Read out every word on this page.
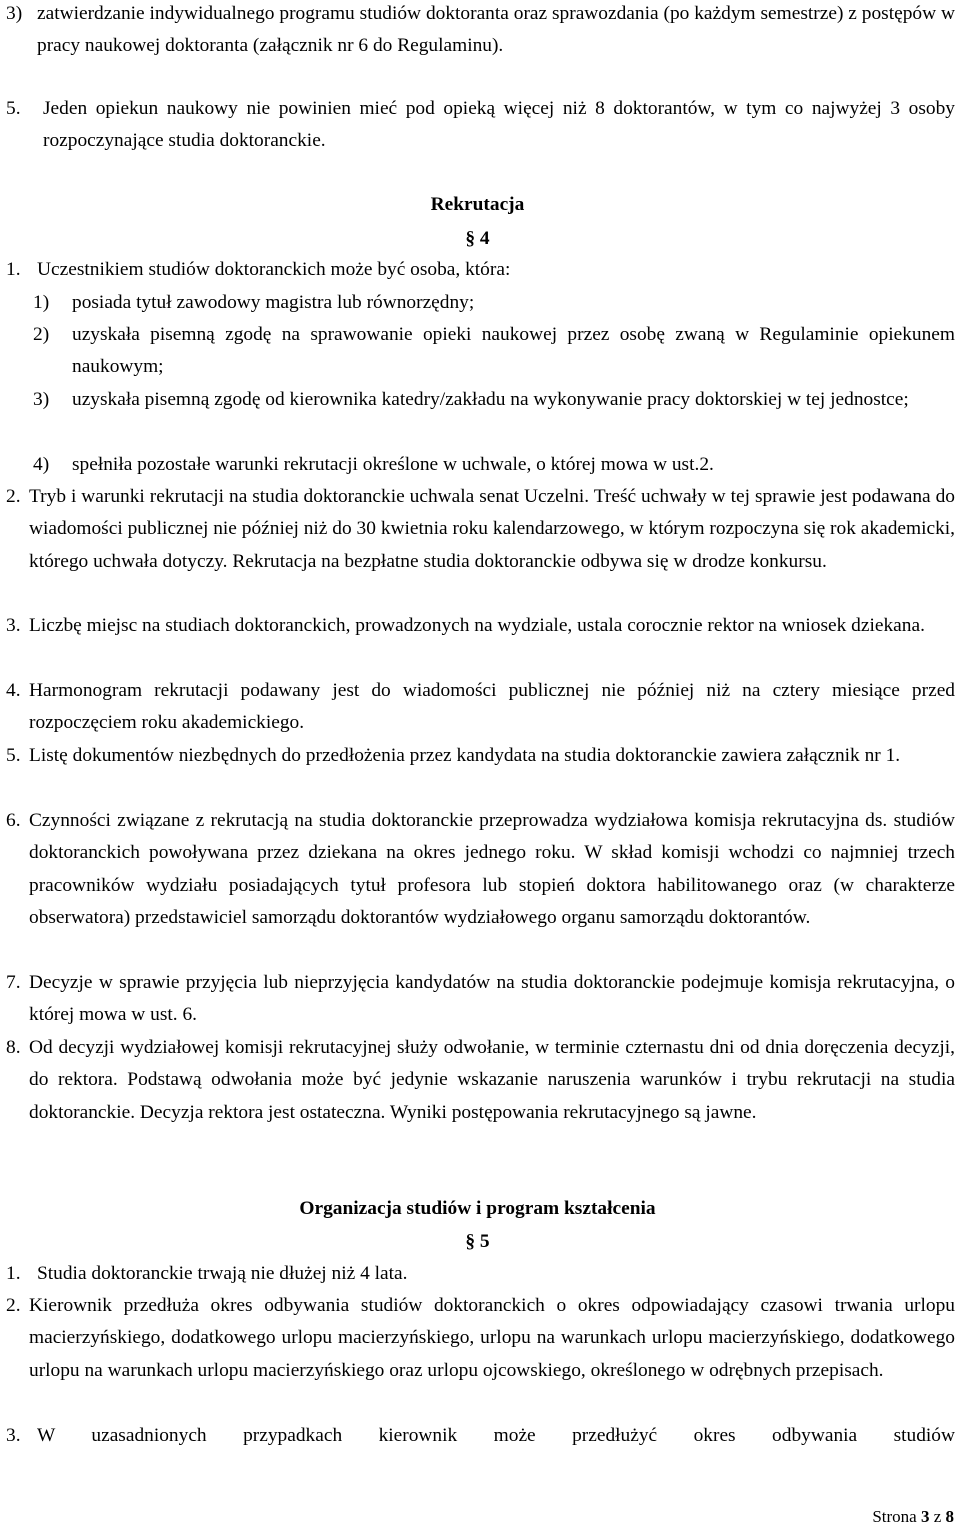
3) zatwierdzanie indywidualnego programu studiów doktoranta oraz sprawozdania (po każdym semestrze) z postępów w pracy naukowej doktoranta (załącznik nr 6 do Regulaminu).

5. Jeden opiekun naukowy nie powinien mieć pod opieką więcej niż 8 doktorantów, w tym co najwyżej 3 osoby rozpoczynające studia doktoranckie.

Rekrutacja
§ 4
1. Uczestnikiem studiów doktoranckich może być osoba, która:

1) posiada tytuł zawodowy magistra lub równorzędny;

2) uzyskała pisemną zgodę na sprawowanie opieki naukowej przez osobę zwaną w Regulaminie opiekunem naukowym;

3) uzyskała pisemną zgodę od kierownika katedry/zakładu na wykonywanie pracy doktorskiej w tej jednostce;

4) spełniła pozostałe warunki rekrutacji określone w uchwale, o której mowa w ust.2.

2. Tryb i warunki rekrutacji na studia doktoranckie uchwala senat Uczelni. Treść uchwały w tej sprawie jest podawana do wiadomości publicznej nie później niż do 30 kwietnia roku kalendarzowego, w którym rozpoczyna się rok akademicki, którego uchwała dotyczy. Rekrutacja na bezpłatne studia doktoranckie odbywa się w drodze konkursu.

3. Liczbę miejsc na studiach doktoranckich, prowadzonych na wydziale, ustala corocznie rektor na wniosek dziekana.

4. Harmonogram rekrutacji podawany jest do wiadomości publicznej nie później niż na cztery miesiące przed rozpoczęciem roku akademickiego.

5. Listę dokumentów niezbędnych do przedłożenia przez kandydata na studia doktoranckie zawiera załącznik nr 1.

6. Czynności związane z rekrutacją na studia doktoranckie przeprowadza wydziałowa komisja rekrutacyjna ds. studiów doktoranckich powoływana przez dziekana na okres jednego roku. W skład komisji wchodzi co najmniej trzech pracowników wydziału posiadających tytuł profesora lub stopień doktora habilitowanego oraz (w charakterze obserwatora) przedstawiciel samorządu doktorantów wydziałowego organu samorządu doktorantów.

7. Decyzje w sprawie przyjęcia lub nieprzyjęcia kandydatów na studia doktoranckie podejmuje komisja rekrutacyjna, o której mowa w ust. 6.

8. Od decyzji wydziałowej komisji rekrutacyjnej służy odwołanie, w terminie czternastu dni od dnia doręczenia decyzji, do rektora. Podstawą odwołania może być jedynie wskazanie naruszenia warunków i trybu rekrutacji na studia doktoranckie. Decyzja rektora jest ostateczna. Wyniki postępowania rekrutacyjnego są jawne.

Organizacja studiów i program kształcenia
§ 5
1. Studia doktoranckie trwają nie dłużej niż 4 lata.

2. Kierownik przedłuża okres odbywania studiów doktoranckich o okres odpowiadający czasowi trwania urlopu macierzyńskiego, dodatkowego urlopu macierzyńskiego, urlopu na warunkach urlopu macierzyńskiego, dodatkowego urlopu na warunkach urlopu macierzyńskiego oraz urlopu ojcowskiego, określonego w odrębnych przepisach.

3. W uzasadnionych przypadkach kierownik może przedłużyć okres odbywania studiów

Strona 3 z 8
